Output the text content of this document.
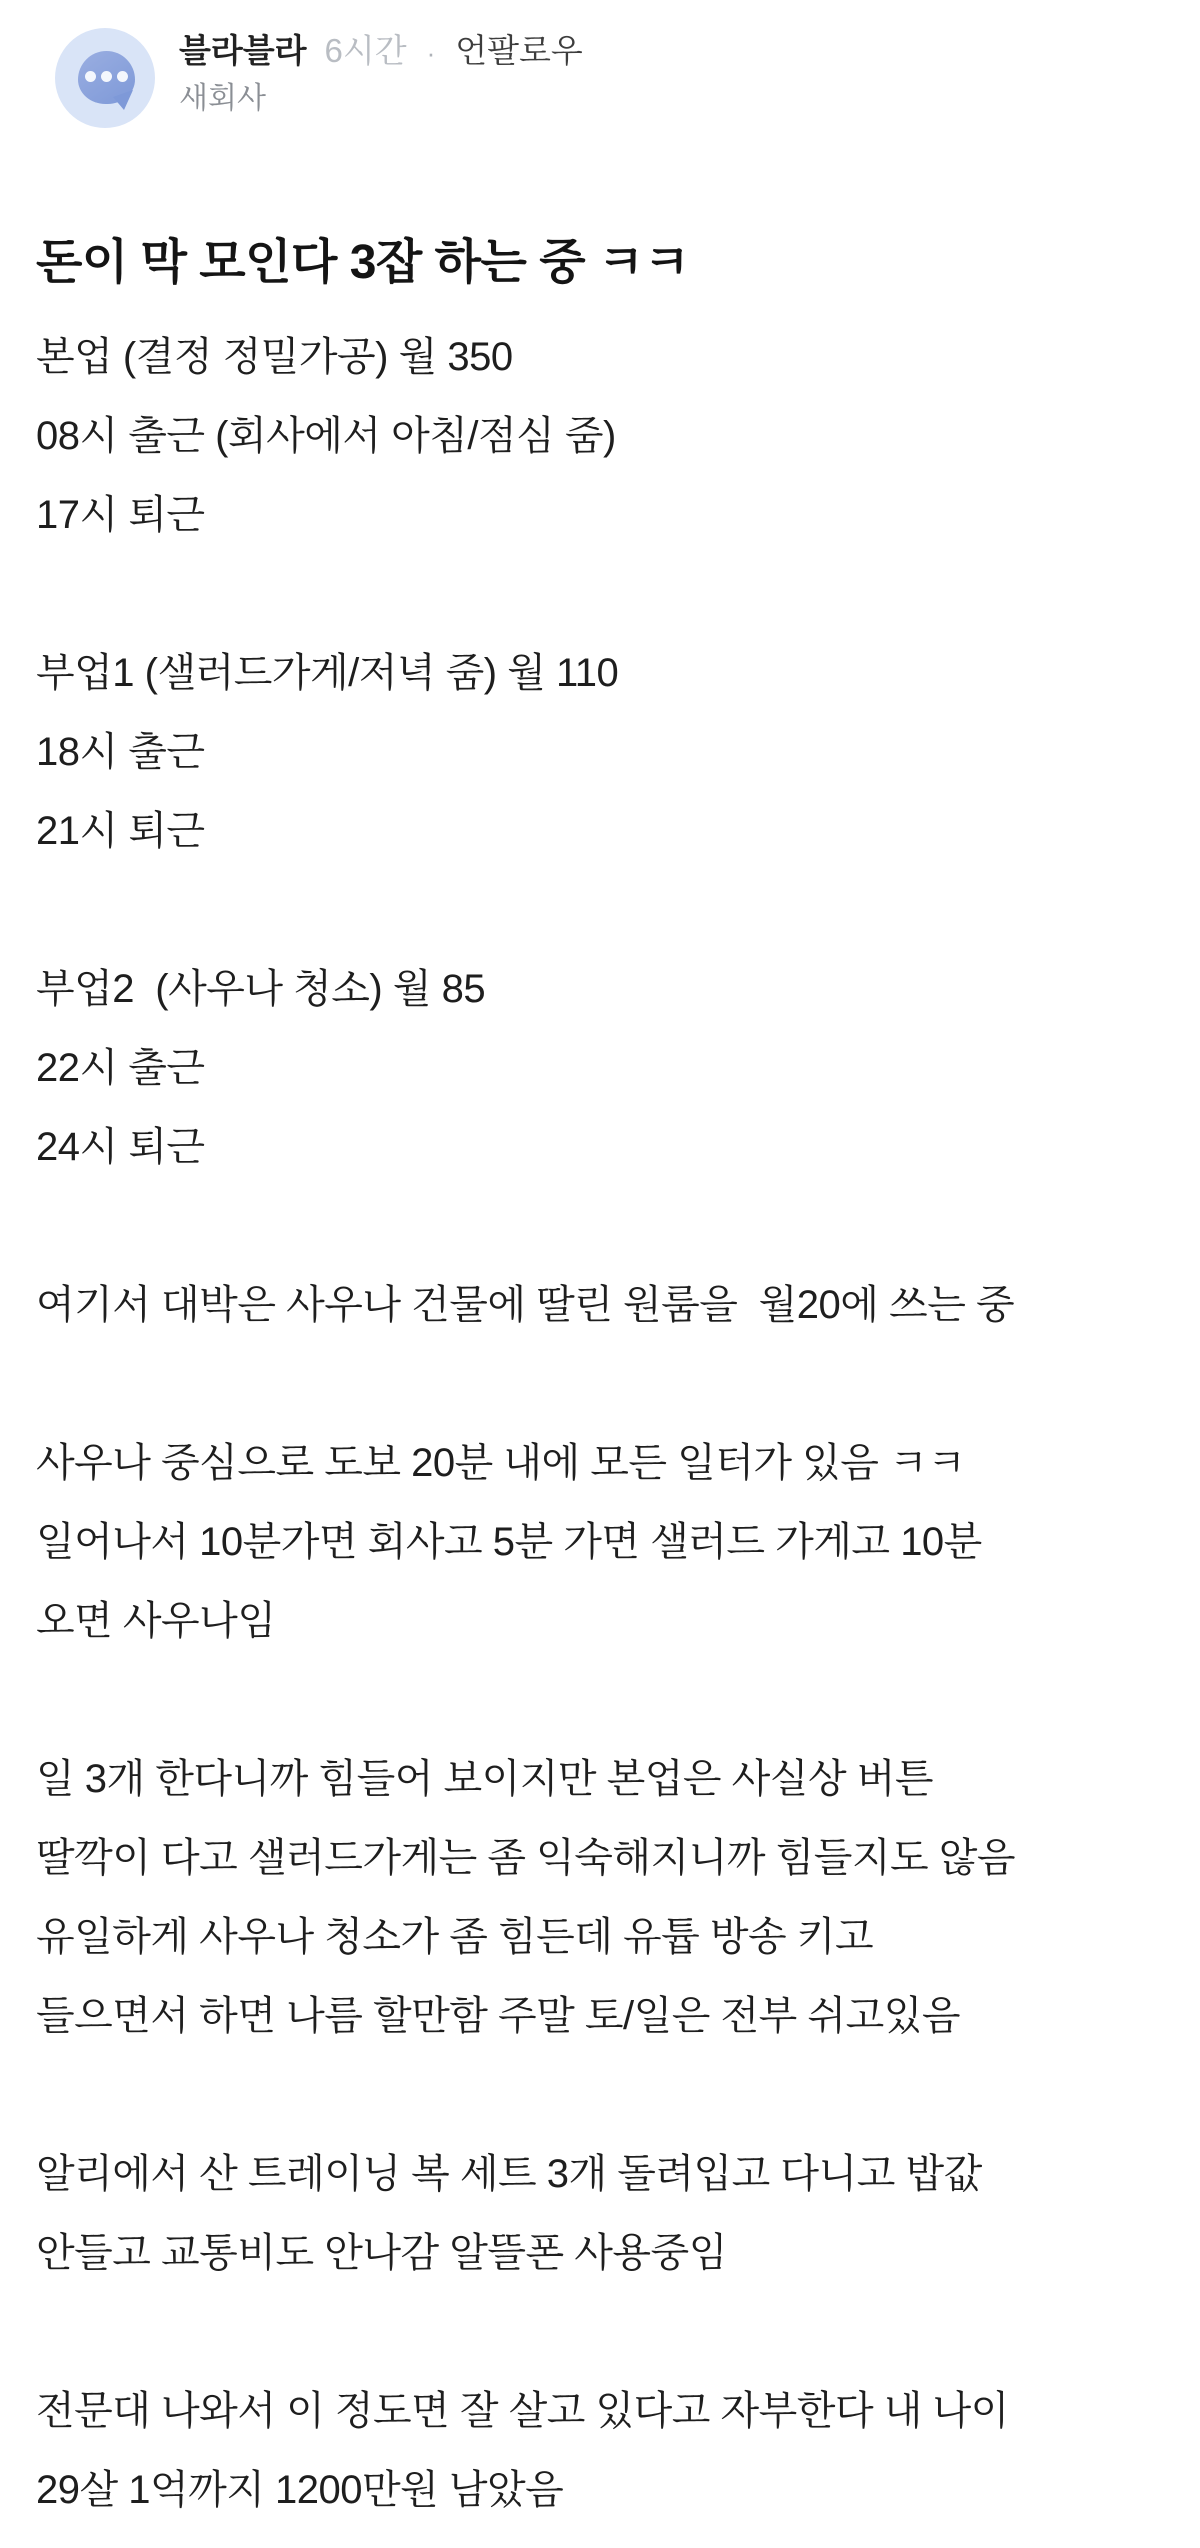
블라블라 6시간 · 언팔로우
새회사
돈이 막 모인다 3잡 하는 중 ㅋㅋ
본업 (결정 정밀가공) 월 350
08시 출근 (회사에서 아침/점심 줌)
17시 퇴근
부업1 (샐러드가게/저녁 줌) 월 110
18시 출근
21시 퇴근
부업2  (사우나 청소) 월 85
22시 출근
24시 퇴근
여기서 대박은 사우나 건물에 딸린 원룸을  월20에 쓰는 중
사우나 중심으로 도보 20분 내에 모든 일터가 있음 ㅋㅋ
일어나서 10분가면 회사고 5분 가면 샐러드 가게고 10분
오면 사우나임
일 3개 한다니까 힘들어 보이지만 본업은 사실상 버튼
딸깍이 다고 샐러드가게는 좀 익숙해지니까 힘들지도 않음
유일하게 사우나 청소가 좀 힘든데 유튭 방송 키고
들으면서 하면 나름 할만함 주말 토/일은 전부 쉬고있음
알리에서 산 트레이닝 복 세트 3개 돌려입고 다니고 밥값
안들고 교통비도 안나감 알뜰폰 사용중임
전문대 나와서 이 정도면 잘 살고 있다고 자부한다 내 나이
29살 1억까지 1200만원 남았음
